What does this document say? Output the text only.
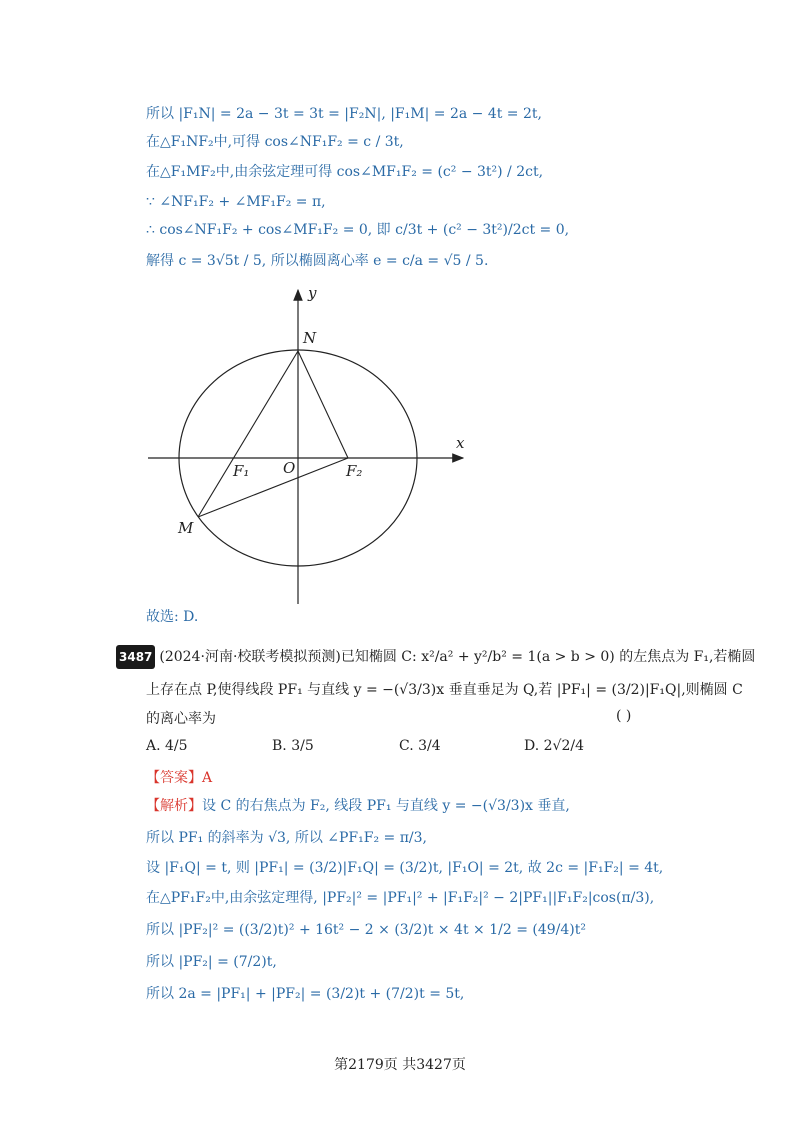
所以 |F₁N| = 2a − 3t = 3t = |F₂N|, |F₁M| = 2a − 4t = 2t,
在△F₁NF₂中,可得 cos∠NF₁F₂ = c / 3t,
在△F₁MF₂中,由余弦定理可得 cos∠MF₁F₂ = (c² − 3t²) / 2ct,
∵ ∠NF₁F₂ + ∠MF₁F₂ = π,
∴ cos∠NF₁F₂ + cos∠MF₁F₂ = 0, 即 c/3t + (c² − 3t²)/2ct = 0,
解得 c = 3√5t / 5, 所以椭圆离心率 e = c/a = √5 / 5.
y
x
N
O
F₁	F₂
M
故选: D.
3487 (2024·河南·校联考模拟预测)已知椭圆 C: x²/a² + y²/b² = 1(a > b > 0) 的左焦点为 F₁,若椭圆
上存在点 P,使得线段 PF₁ 与直线 y = −(√3/3)x 垂直垂足为 Q,若 |PF₁| = (3/2)|F₁Q|,则椭圆 C
的离心率为	( )
A. 4/5	B. 3/5	C. 3/4	D. 2√2/4
【答案】A
【解析】设 C 的右焦点为 F₂, 线段 PF₁ 与直线 y = −(√3/3)x 垂直,
所以 PF₁ 的斜率为 √3, 所以 ∠PF₁F₂ = π/3,
设 |F₁Q| = t, 则 |PF₁| = (3/2)|F₁Q| = (3/2)t, |F₁O| = 2t, 故 2c = |F₁F₂| = 4t,
在△PF₁F₂中,由余弦定理得, |PF₂|² = |PF₁|² + |F₁F₂|² − 2|PF₁||F₁F₂|cos(π/3),
所以 |PF₂|² = ((3/2)t)² + 16t² − 2 × (3/2)t × 4t × 1/2 = (49/4)t²
所以 |PF₂| = (7/2)t,
所以 2a = |PF₁| + |PF₂| = (3/2)t + (7/2)t = 5t,
第2179页 共3427页
